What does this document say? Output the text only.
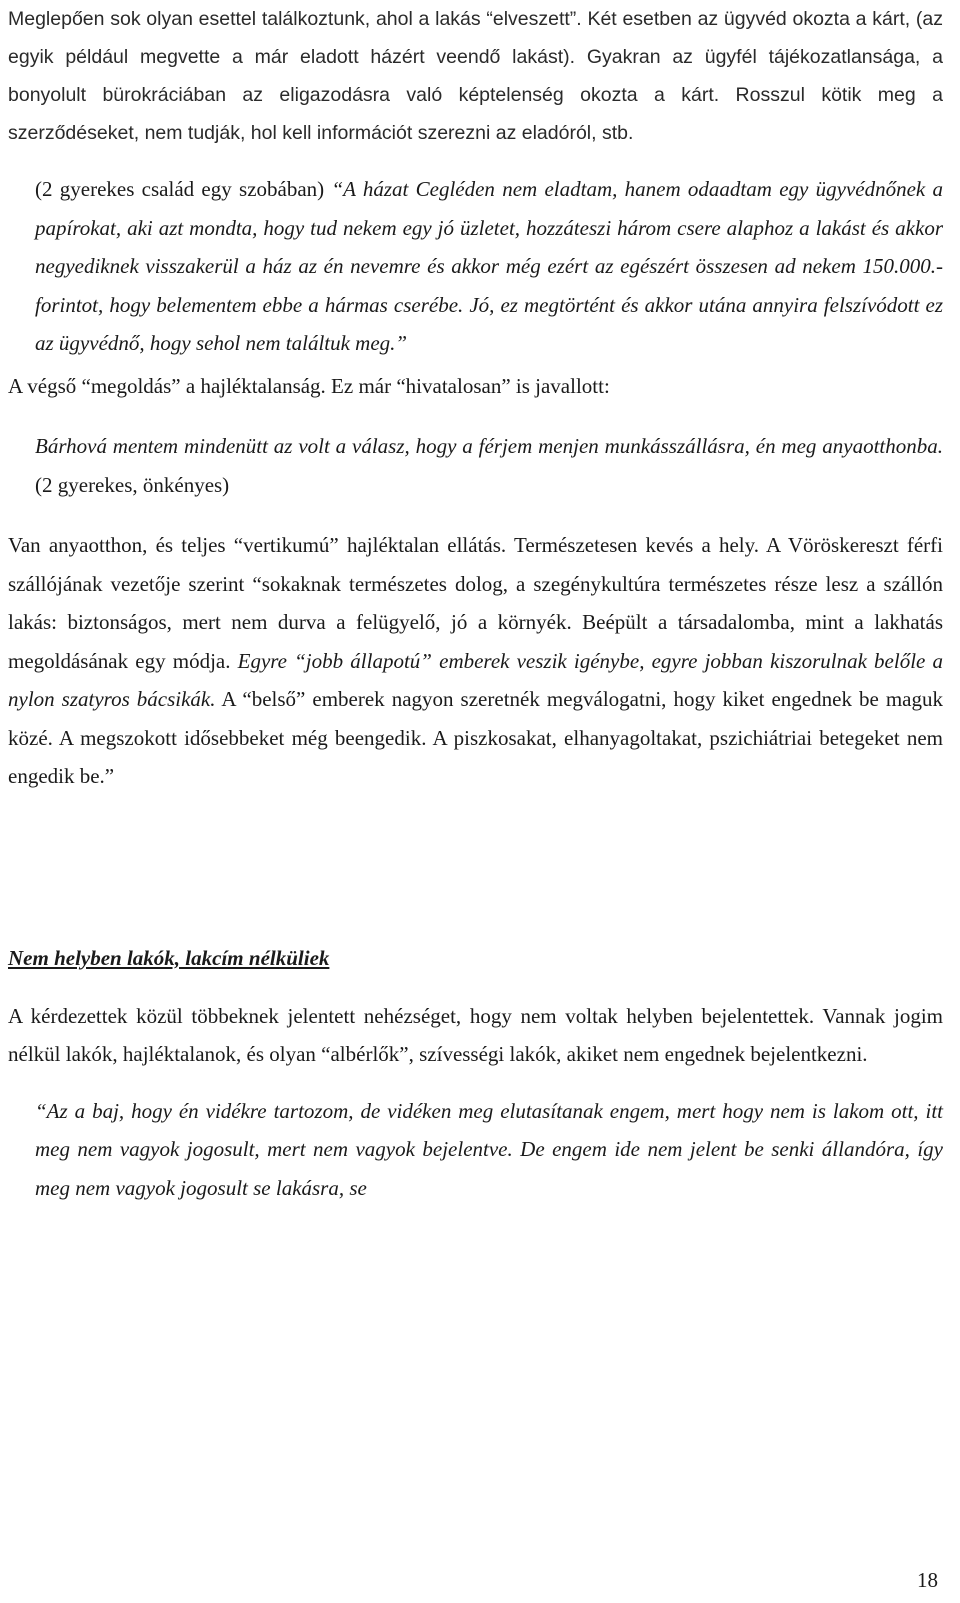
Meglepően sok olyan esettel találkoztunk, ahol a lakás “elveszett”. Két esetben az ügyvéd okozta a kárt, (az egyik például megvette a már eladott házért veendő lakást). Gyakran az ügyfél tájékozatlansága, a bonyolult bürokráciában az eligazodásra való képtelenség okozta a kárt. Rosszul kötik meg a szerződéseket, nem tudják, hol kell információt szerezni az eladóról, stb.

(2 gyerekes család egy szobában) “A házat Cegléden nem eladtam, hanem odaadtam egy ügyvédnőnek a papírokat, aki azt mondta, hogy tud nekem egy jó üzletet, hozzáteszi három csere alaphoz a lakást és akkor negyediknek visszakerül a ház az én nevemre és akkor még ezért az egészért összesen ad nekem 150.000.- forintot, hogy belementem ebbe a hármas cserébe. Jó, ez megtörtént és akkor utána annyira felszívódott ez az ügyvédnő, hogy sehol nem találtuk meg.”

A végső “megoldás” a hajléktalanság. Ez már “hivatalosan” is javallott:

Bárhová mentem mindenütt az volt a válasz, hogy a férjem menjen munkásszállásra, én meg anyaotthonba. (2 gyerekes, önkényes)

Van anyaotthon, és teljes “vertikumú” hajléktalan ellátás. Természetesen kevés a hely. A Vöröskereszt férfi szállójának vezetője szerint “sokaknak természetes dolog, a szegénykultúra természetes része lesz a szállón lakás: biztonságos, mert nem durva a felügyelő, jó a környék. Beépült a társadalomba, mint a lakhatás megoldásának egy módja. Egyre “jobb állapotú” emberek veszik igénybe, egyre jobban kiszorulnak belőle a nylon szatyros bácsikák. A “belső” emberek nagyon szeretnék megválogatni, hogy kiket engednek be maguk közé. A megszokott idősebbeket még beengedik. A piszkosakat, elhanyagoltakat, pszichiátriai betegeket nem engedik be.”

Nem helyben lakók, lakcím nélküliek

A kérdezettek közül többeknek jelentett nehézséget, hogy nem voltak helyben bejelentettek. Vannak jogim nélkül lakók, hajléktalanok, és olyan “albérlők”, szívességi lakók, akiket nem engednek bejelentkezni.

“Az a baj, hogy én vidékre tartozom, de vidéken meg elutasítanak engem, mert hogy nem is lakom ott, itt meg nem vagyok jogosult, mert nem vagyok bejelentve. De engem ide nem jelent be senki állandóra, így meg nem vagyok jogosult se lakásra, se

18
